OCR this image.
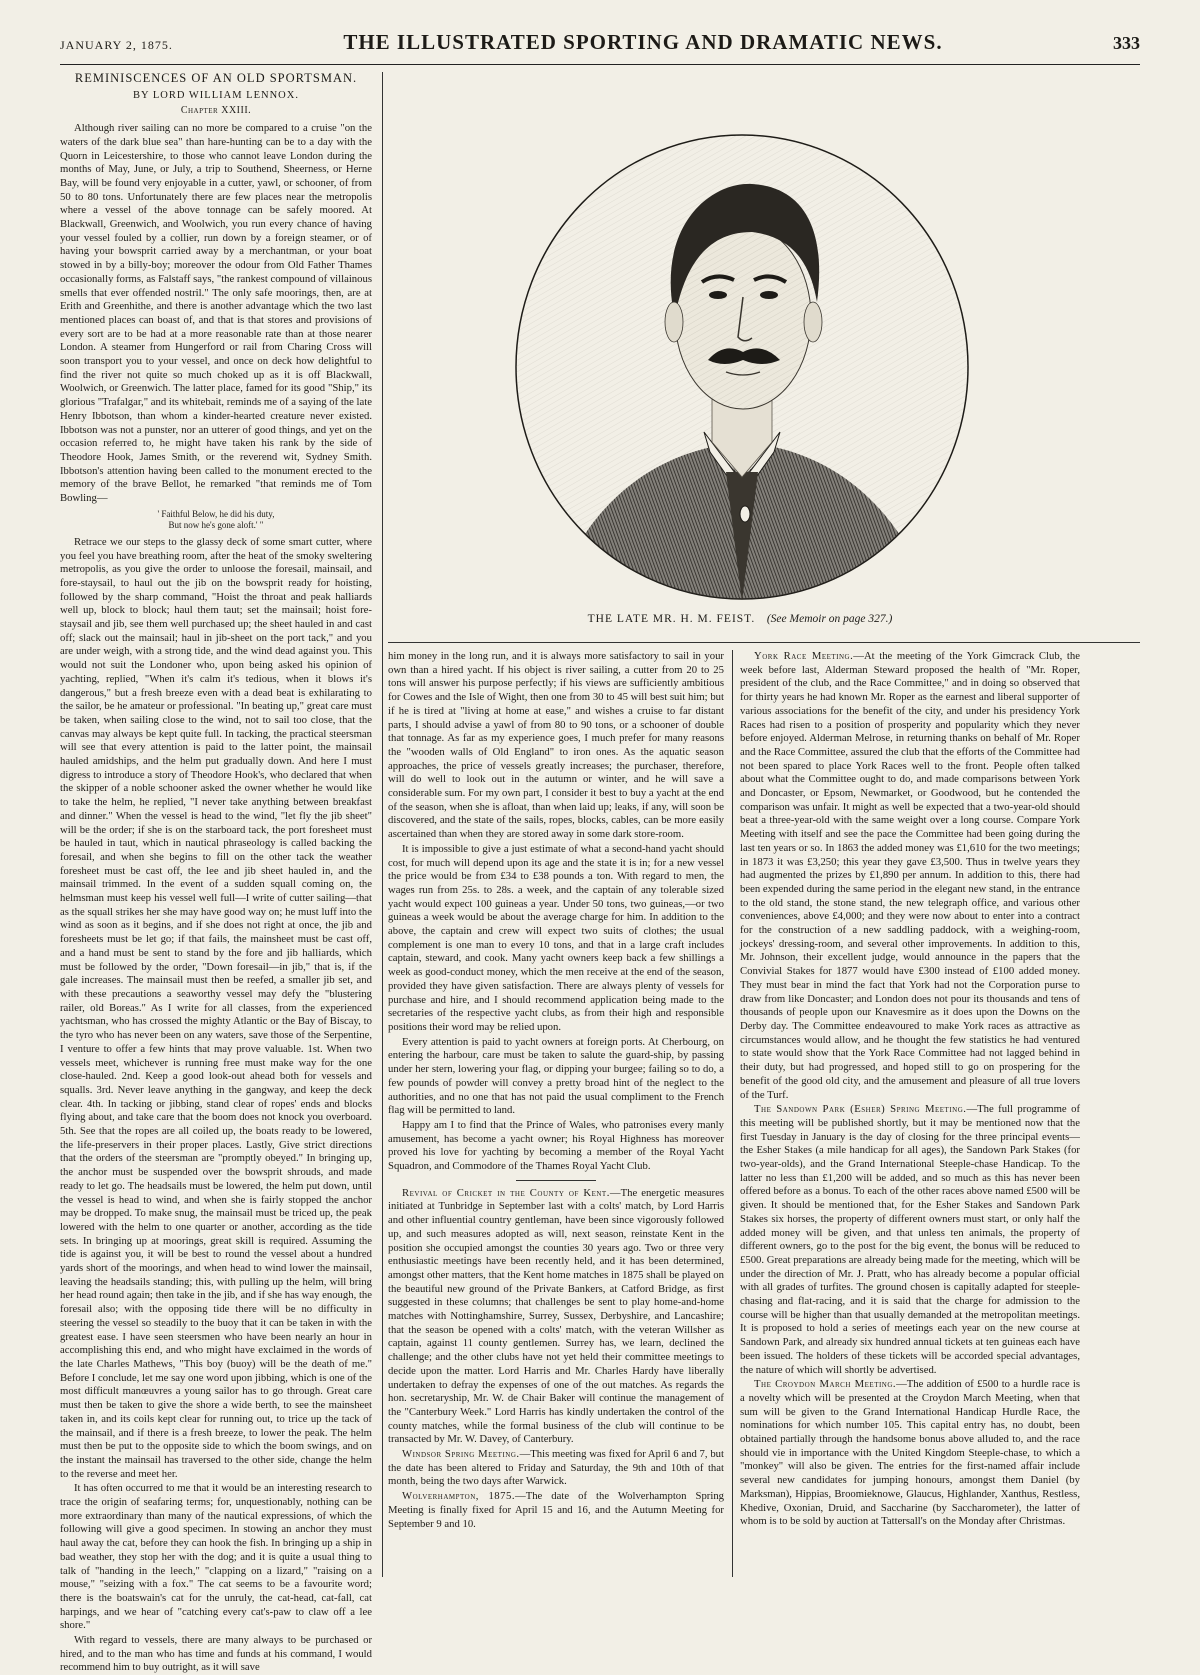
JANUARY 2, 1875.	THE ILLUSTRATED SPORTING AND DRAMATIC NEWS.	333

REMINISCENCES OF AN OLD SPORTSMAN.

BY LORD WILLIAM LENNOX.

Chapter XXIII.

Although river sailing can no more be compared to a cruise "on the waters of the dark blue sea" than hare-hunting can be to a day with the Quorn in Leicestershire, to those who cannot leave London during the months of May, June, or July, a trip to Southend, Sheerness, or Herne Bay, will be found very enjoyable in a cutter, yawl, or schooner, of from 50 to 80 tons. Unfortunately there are few places near the metropolis where a vessel of the above tonnage can be safely moored. At Blackwall, Greenwich, and Woolwich, you run every chance of having your vessel fouled by a collier, run down by a foreign steamer, or of having your bowsprit carried away by a merchantman, or your boat stowed in by a billy-boy; moreover the odour from Old Father Thames occasionally forms, as Falstaff says, "the rankest compound of villainous smells that ever offended nostril." The only safe moorings, then, are at Erith and Greenhithe, and there is another advantage which the two last mentioned places can boast of, and that is that stores and provisions of every sort are to be had at a more reasonable rate than at those nearer London. A steamer from Hungerford or rail from Charing Cross will soon transport you to your vessel, and once on deck how delightful to find the river not quite so much choked up as it is off Blackwall, Woolwich, or Greenwich. The latter place, famed for its good "Ship," its glorious "Trafalgar," and its whitebait, reminds me of a saying of the late Henry Ibbotson, than whom a kinder-hearted creature never existed. Ibbotson was not a punster, nor an utterer of good things, and yet on the occasion referred to, he might have taken his rank by the side of Theodore Hook, James Smith, or the reverend wit, Sydney Smith. Ibbotson's attention having been called to the monument erected to the memory of the brave Bellot, he remarked "that reminds me of Tom Bowling—

' Faithful Below, he did his duty,
But now he's gone aloft.' "

Retrace we our steps to the glassy deck of some smart cutter, where you feel you have breathing room, after the heat of the smoky sweltering metropolis, as you give the order to unloose the foresail, mainsail, and fore-staysail, to haul out the jib on the bowsprit ready for hoisting, followed by the sharp command, "Hoist the throat and peak halliards well up, block to block; haul them taut; set the mainsail; hoist fore-staysail and jib, see them well purchased up; the sheet hauled in and cast off; slack out the mainsail; haul in jib-sheet on the port tack," and you are under weigh, with a strong tide, and the wind dead against you. This would not suit the Londoner who, upon being asked his opinion of yachting, replied, "When it's calm it's tedious, when it blows it's dangerous," but a fresh breeze even with a dead beat is exhilarating to the sailor, be he amateur or professional. "In beating up," great care must be taken, when sailing close to the wind, not to sail too close, that the canvas may always be kept quite full. In tacking, the practical steersman will see that every attention is paid to the latter point, the mainsail hauled amidships, and the helm put gradually down. And here I must digress to introduce a story of Theodore Hook's, who declared that when the skipper of a noble schooner asked the owner whether he would like to take the helm, he replied, "I never take anything between breakfast and dinner." When the vessel is head to the wind, "let fly the jib sheet" will be the order; if she is on the starboard tack, the port foresheet must be hauled in taut, which in nautical phraseology is called backing the foresail, and when she begins to fill on the other tack the weather foresheet must be cast off, the lee and jib sheet hauled in, and the mainsail trimmed. In the event of a sudden squall coming on, the helmsman must keep his vessel well full—I write of cutter sailing—that as the squall strikes her she may have good way on; he must luff into the wind as soon as it begins, and if she does not right at once, the jib and foresheets must be let go; if that fails, the mainsheet must be cast off, and a hand must be sent to stand by the fore and jib halliards, which must be followed by the order, "Down foresail—in jib," that is, if the gale increases. The mainsail must then be reefed, a smaller jib set, and with these precautions a seaworthy vessel may defy the "blustering railer, old Boreas." As I write for all classes, from the experienced yachtsman, who has crossed the mighty Atlantic or the Bay of Biscay, to the tyro who has never been on any waters, save those of the Serpentine, I venture to offer a few hints that may prove valuable. 1st. When two vessels meet, whichever is running free must make way for the one close-hauled. 2nd. Keep a good look-out ahead both for vessels and squalls. 3rd. Never leave anything in the gangway, and keep the deck clear. 4th. In tacking or jibbing, stand clear of ropes' ends and blocks flying about, and take care that the boom does not knock you overboard. 5th. See that the ropes are all coiled up, the boats ready to be lowered, the life-preservers in their proper places. Lastly, Give strict directions that the orders of the steersman are "promptly obeyed." In bringing up, the anchor must be suspended over the bowsprit shrouds, and made ready to let go. The headsails must be lowered, the helm put down, until the vessel is head to wind, and when she is fairly stopped the anchor may be dropped. To make snug, the mainsail must be triced up, the peak lowered with the helm to one quarter or another, according as the tide sets. In bringing up at moorings, great skill is required. Assuming the tide is against you, it will be best to round the vessel about a hundred yards short of the moorings, and when head to wind lower the mainsail, leaving the headsails standing; this, with pulling up the helm, will bring her head round again; then take in the jib, and if she has way enough, the foresail also; with the opposing tide there will be no difficulty in steering the vessel so steadily to the buoy that it can be taken in with the greatest ease. I have seen steersmen who have been nearly an hour in accomplishing this end, and who might have exclaimed in the words of the late Charles Mathews, "This boy (buoy) will be the death of me." Before I conclude, let me say one word upon jibbing, which is one of the most difficult manœuvres a young sailor has to go through. Great care must then be taken to give the shore a wide berth, to see the mainsheet taken in, and its coils kept clear for running out, to trice up the tack of the mainsail, and if there is a fresh breeze, to lower the peak. The helm must then be put to the opposite side to which the boom swings, and on the instant the mainsail has traversed to the other side, change the helm to the reverse and meet her.

It has often occurred to me that it would be an interesting research to trace the origin of seafaring terms; for, unquestionably, nothing can be more extraordinary than many of the nautical expressions, of which the following will give a good specimen. In stowing an anchor they must haul away the cat, before they can hook the fish. In bringing up a ship in bad weather, they stop her with the dog; and it is quite a usual thing to talk of "handing in the leech," "clapping on a lizard," "raising on a mouse," "seizing with a fox." The cat seems to be a favourite word; there is the boatswain's cat for the unruly, the cat-head, cat-fall, cat harpings, and we hear of "catching every cat's-paw to claw off a lee shore."

With regard to vessels, there are many always to be purchased or hired, and to the man who has time and funds at his command, I would recommend him to buy outright, as it will save

THE LATE MR. H. M. FEIST. (See Memoir on page 327.)

him money in the long run, and it is always more satisfactory to sail in your own than a hired yacht. If his object is river sailing, a cutter from 20 to 25 tons will answer his purpose perfectly; if his views are sufficiently ambitious for Cowes and the Isle of Wight, then one from 30 to 45 will best suit him; but if he is tired at "living at home at ease," and wishes a cruise to far distant parts, I should advise a yawl of from 80 to 90 tons, or a schooner of double that tonnage. As far as my experience goes, I much prefer for many reasons the "wooden walls of Old England" to iron ones. As the aquatic season approaches, the price of vessels greatly increases; the purchaser, therefore, will do well to look out in the autumn or winter, and he will save a considerable sum. For my own part, I consider it best to buy a yacht at the end of the season, when she is afloat, than when laid up; leaks, if any, will soon be discovered, and the state of the sails, ropes, blocks, cables, can be more easily ascertained than when they are stored away in some dark store-room.

It is impossible to give a just estimate of what a second-hand yacht should cost, for much will depend upon its age and the state it is in; for a new vessel the price would be from £34 to £38 pounds a ton. With regard to men, the wages run from 25s. to 28s. a week, and the captain of any tolerable sized yacht would expect 100 guineas a year. Under 50 tons, two guineas,—or two guineas a week would be about the average charge for him. In addition to the above, the captain and crew will expect two suits of clothes; the usual complement is one man to every 10 tons, and that in a large craft includes captain, steward, and cook. Many yacht owners keep back a few shillings a week as good-conduct money, which the men receive at the end of the season, provided they have given satisfaction. There are always plenty of vessels for purchase and hire, and I should recommend application being made to the secretaries of the respective yacht clubs, as from their high and responsible positions their word may be relied upon.

Every attention is paid to yacht owners at foreign ports. At Cherbourg, on entering the harbour, care must be taken to salute the guard-ship, by passing under her stern, lowering your flag, or dipping your burgee; failing so to do, a few pounds of powder will convey a pretty broad hint of the neglect to the authorities, and no one that has not paid the usual compliment to the French flag will be permitted to land.

Happy am I to find that the Prince of Wales, who patronises every manly amusement, has become a yacht owner; his Royal Highness has moreover proved his love for yachting by becoming a member of the Royal Yacht Squadron, and Commodore of the Thames Royal Yacht Club.

Revival of Cricket in the County of Kent.—The energetic measures initiated at Tunbridge in September last with a colts' match, by Lord Harris and other influential country gentleman, have been since vigorously followed up, and such measures adopted as will, next season, reinstate Kent in the position she occupied amongst the counties 30 years ago. Two or three very enthusiastic meetings have been recently held, and it has been determined, amongst other matters, that the Kent home matches in 1875 shall be played on the beautiful new ground of the Private Bankers, at Catford Bridge, as first suggested in these columns; that challenges be sent to play home-and-home matches with Nottinghamshire, Surrey, Sussex, Derbyshire, and Lancashire; that the season be opened with a colts' match, with the veteran Willsher as captain, against 11 county gentlemen. Surrey has, we learn, declined the challenge; and the other clubs have not yet held their committee meetings to decide upon the matter. Lord Harris and Mr. Charles Hardy have liberally undertaken to defray the expenses of one of the out matches. As regards the hon. secretaryship, Mr. W. de Chair Baker will continue the management of the "Canterbury Week." Lord Harris has kindly undertaken the control of the county matches, while the formal business of the club will continue to be transacted by Mr. W. Davey, of Canterbury.

Windsor Spring Meeting.—This meeting was fixed for April 6 and 7, but the date has been altered to Friday and Saturday, the 9th and 10th of that month, being the two days after Warwick.

Wolverhampton, 1875.—The date of the Wolverhampton Spring Meeting is finally fixed for April 15 and 16, and the Autumn Meeting for September 9 and 10.

York Race Meeting.—At the meeting of the York Gimcrack Club, the week before last, Alderman Steward proposed the health of "Mr. Roper, president of the club, and the Race Committee," and in doing so observed that for thirty years he had known Mr. Roper as the earnest and liberal supporter of various associations for the benefit of the city, and under his presidency York Races had risen to a position of prosperity and popularity which they never before enjoyed. Alderman Melrose, in returning thanks on behalf of Mr. Roper and the Race Committee, assured the club that the efforts of the Committee had not been spared to place York Races well to the front. People often talked about what the Committee ought to do, and made comparisons between York and Doncaster, or Epsom, Newmarket, or Goodwood, but he contended the comparison was unfair. It might as well be expected that a two-year-old should beat a three-year-old with the same weight over a long course. Compare York Meeting with itself and see the pace the Committee had been going during the last ten years or so. In 1863 the added money was £1,610 for the two meetings; in 1873 it was £3,250; this year they gave £3,500. Thus in twelve years they had augmented the prizes by £1,890 per annum. In addition to this, there had been expended during the same period in the elegant new stand, in the entrance to the old stand, the stone stand, the new telegraph office, and various other conveniences, above £4,000; and they were now about to enter into a contract for the construction of a new saddling paddock, with a weighing-room, jockeys' dressing-room, and several other improvements. In addition to this, Mr. Johnson, their excellent judge, would announce in the papers that the Convivial Stakes for 1877 would have £300 instead of £100 added money. They must bear in mind the fact that York had not the Corporation purse to draw from like Doncaster; and London does not pour its thousands and tens of thousands of people upon our Knavesmire as it does upon the Downs on the Derby day. The Committee endeavoured to make York races as attractive as circumstances would allow, and he thought the few statistics he had ventured to state would show that the York Race Committee had not lagged behind in their duty, but had progressed, and hoped still to go on prospering for the benefit of the good old city, and the amusement and pleasure of all true lovers of the Turf.

The Sandown Park (Esher) Spring Meeting.—The full programme of this meeting will be published shortly, but it may be mentioned now that the first Tuesday in January is the day of closing for the three principal events—the Esher Stakes (a mile handicap for all ages), the Sandown Park Stakes (for two-year-olds), and the Grand International Steeple-chase Handicap. To the latter no less than £1,200 will be added, and so much as this has never been offered before as a bonus. To each of the other races above named £500 will be given. It should be mentioned that, for the Esher Stakes and Sandown Park Stakes six horses, the property of different owners must start, or only half the added money will be given, and that unless ten animals, the property of different owners, go to the post for the big event, the bonus will be reduced to £500. Great preparations are already being made for the meeting, which will be under the direction of Mr. J. Pratt, who has already become a popular official with all grades of turfites. The ground chosen is capitally adapted for steeple-chasing and flat-racing, and it is said that the charge for admission to the course will be higher than that usually demanded at the metropolitan meetings. It is proposed to hold a series of meetings each year on the new course at Sandown Park, and already six hundred annual tickets at ten guineas each have been issued. The holders of these tickets will be accorded special advantages, the nature of which will shortly be advertised.

The Croydon March Meeting.—The addition of £500 to a hurdle race is a novelty which will be presented at the Croydon March Meeting, when that sum will be given to the Grand International Handicap Hurdle Race, the nominations for which number 105. This capital entry has, no doubt, been obtained partially through the handsome bonus above alluded to, and the race should vie in importance with the United Kingdom Steeple-chase, to which a "monkey" will also be given. The entries for the first-named affair include several new candidates for jumping honours, amongst them Daniel (by Marksman), Hippias, Broomieknowe, Glaucus, Highlander, Xanthus, Restless, Khedive, Oxonian, Druid, and Saccharine (by Saccharometer), the latter of whom is to be sold by auction at Tattersall's on the Monday after Christmas.
